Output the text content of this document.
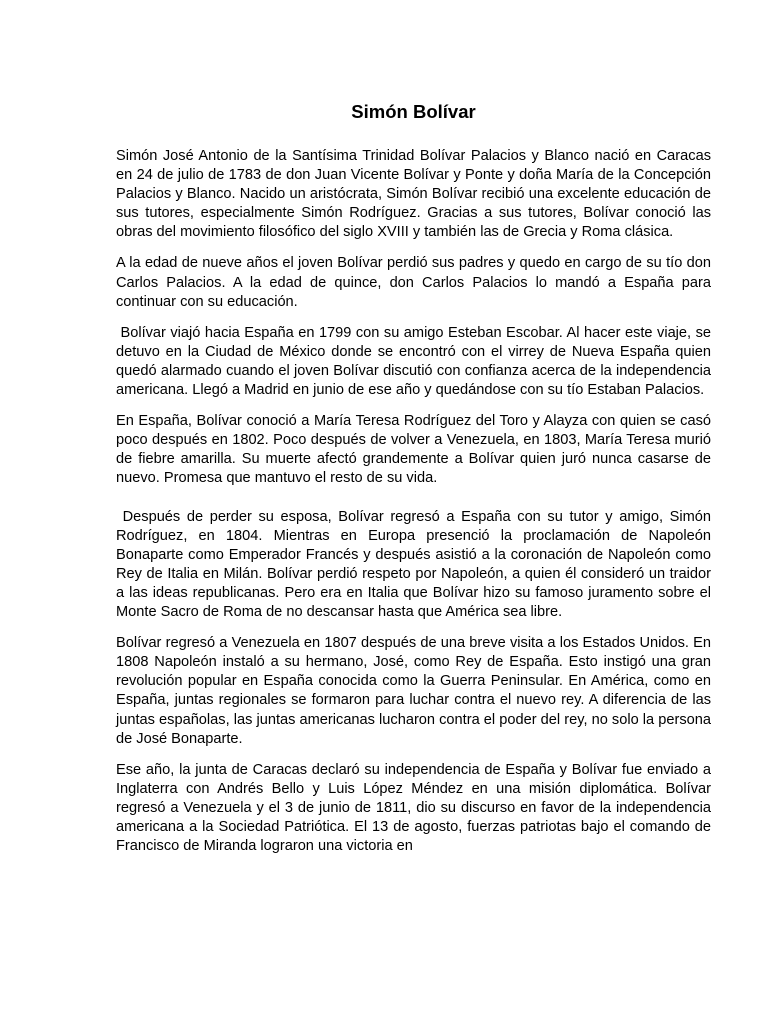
Simón Bolívar

Simón José Antonio de la Santísima Trinidad Bolívar Palacios y Blanco nació en Caracas en 24 de julio de 1783 de don Juan Vicente Bolívar y Ponte y doña María de la Concepción Palacios y Blanco. Nacido un aristócrata, Simón Bolívar recibió una excelente educación de sus tutores, especialmente Simón Rodríguez. Gracias a sus tutores, Bolívar conoció las obras del movimiento filosófico del siglo XVIII y también las de Grecia y Roma clásica.

A la edad de nueve años el joven Bolívar perdió sus padres y quedo en cargo de su tío don Carlos Palacios. A la edad de quince, don Carlos Palacios lo mandó a España para continuar con su educación.

Bolívar viajó hacia España en 1799 con su amigo Esteban Escobar. Al hacer este viaje, se detuvo en la Ciudad de México donde se encontró con el virrey de Nueva España quien quedó alarmado cuando el joven Bolívar discutió con confianza acerca de la independencia americana. Llegó a Madrid en junio de ese año y quedándose con su tío Estaban Palacios.

En España, Bolívar conoció a María Teresa Rodríguez del Toro y Alayza con quien se casó poco después en 1802. Poco después de volver a Venezuela, en 1803, María Teresa murió de fiebre amarilla. Su muerte afectó grandemente a Bolívar quien juró nunca casarse de nuevo. Promesa que mantuvo el resto de su vida.

Después de perder su esposa, Bolívar regresó a España con su tutor y amigo, Simón Rodríguez, en 1804. Mientras en Europa presenció la proclamación de Napoleón Bonaparte como Emperador Francés y después asistió a la coronación de Napoleón como Rey de Italia en Milán. Bolívar perdió respeto por Napoleón, a quien él consideró un traidor a las ideas republicanas. Pero era en Italia que Bolívar hizo su famoso juramento sobre el Monte Sacro de Roma de no descansar hasta que América sea libre.

Bolívar regresó a Venezuela en 1807 después de una breve visita a los Estados Unidos. En 1808 Napoleón instaló a su hermano, José, como Rey de España. Esto instigó una gran revolución popular en España conocida como la Guerra Peninsular. En América, como en España, juntas regionales se formaron para luchar contra el nuevo rey. A diferencia de las juntas españolas, las juntas americanas lucharon contra el poder del rey, no solo la persona de José Bonaparte.

Ese año, la junta de Caracas declaró su independencia de España y Bolívar fue enviado a Inglaterra con Andrés Bello y Luis López Méndez en una misión diplomática. Bolívar regresó a Venezuela y el 3 de junio de 1811, dio su discurso en favor de la independencia americana a la Sociedad Patriótica. El 13 de agosto, fuerzas patriotas bajo el comando de Francisco de Miranda lograron una victoria en
